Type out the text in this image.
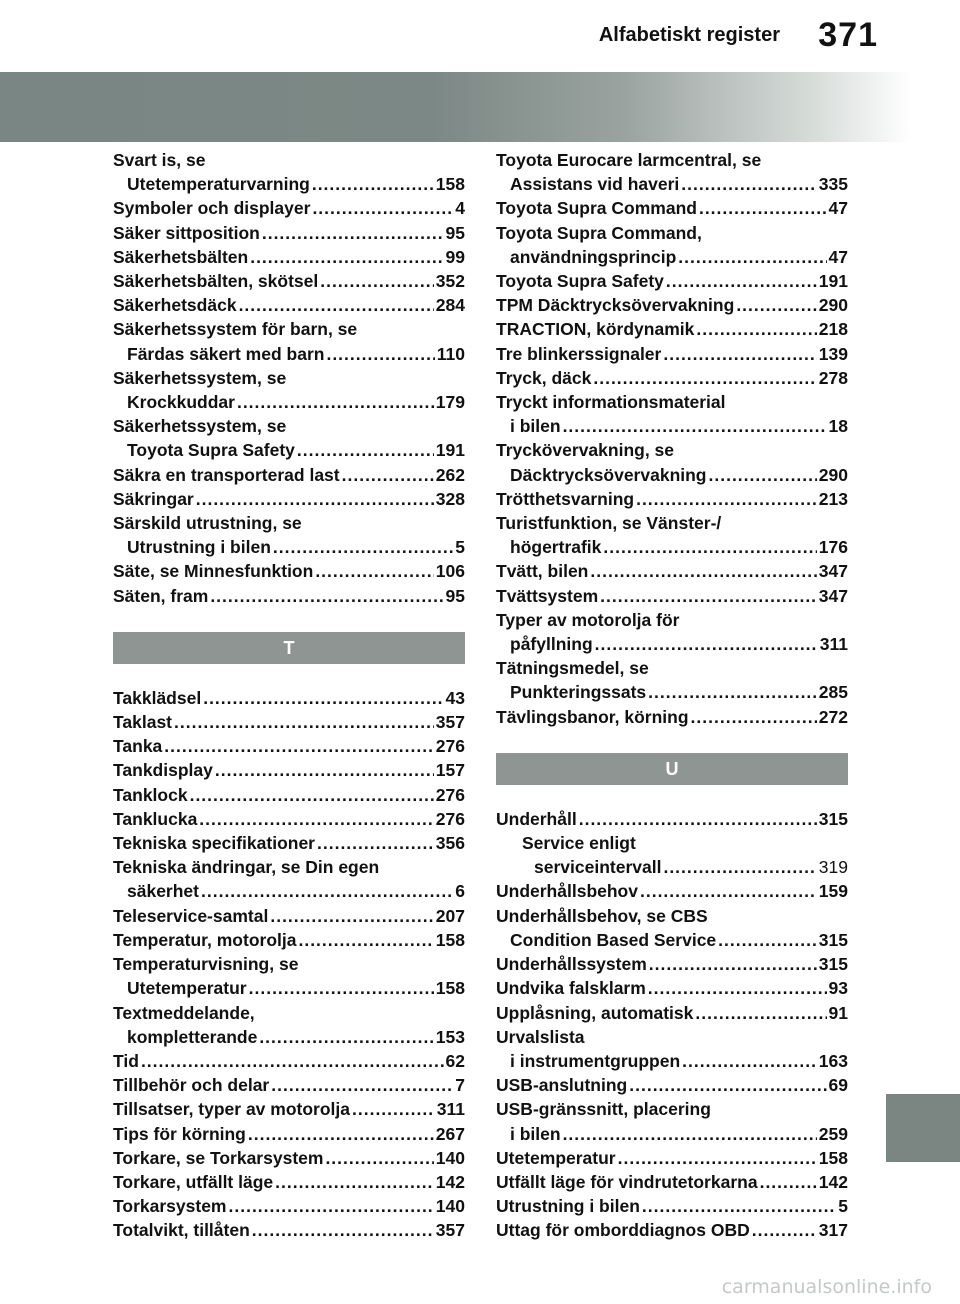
Alfabetiskt register 371
Svart is, se
Utetemperaturvarning .....	158
Symboler och displayer .....	4
Säker sittposition .....	95
Säkerhetsbälten .....	99
Säkerhetsbälten, skötsel .....	352
Säkerhetsdäck .....	284
Säkerhetssystem för barn, se
Färdas säkert med barn .....	110
Säkerhetssystem, se
Krockkuddar .....	179
Säkerhetssystem, se
Toyota Supra Safety .....	191
Säkra en transporterad last .....	262
Säkringar .....	328
Särskild utrustning, se
Utrustning i bilen .....	5
Säte, se Minnesfunktion .....	106
Säten, fram .....	95
T
Takklädsel .....	43
Taklast .....	357
Tanka .....	276
Tankdisplay .....	157
Tanklock .....	276
Tanklucka .....	276
Tekniska specifikationer .....	356
Tekniska ändringar, se Din egen
säkerhet .....	6
Teleservice-samtal .....	207
Temperatur, motorolja .....	158
Temperaturvisning, se
Utetemperatur .....	158
Textmeddelande,
kompletterande .....	153
Tid .....	62
Tillbehör och delar .....	7
Tillsatser, typer av motorolja .....	311
Tips för körning .....	267
Torkare, se Torkarsystem .....	140
Torkare, utfällt läge .....	142
Torkarsystem .....	140
Totalvikt, tillåten .....	357
Toyota Eurocare larmcentral, se
Assistans vid haveri .....	335
Toyota Supra Command .....	47
Toyota Supra Command,
användningsprincip .....	47
Toyota Supra Safety .....	191
TPM Däcktrycksövervakning .....	290
TRACTION, kördynamik .....	218
Tre blinkerssignaler .....	139
Tryck, däck .....	278
Tryckt informationsmaterial
i bilen .....	18
Tryckövervakning, se
Däcktrycksövervakning .....	290
Trötthetsvarning .....	213
Turistfunktion, se Vänster-/
högertrafik .....	176
Tvätt, bilen .....	347
Tvättsystem .....	347
Typer av motorolja för
påfyllning .....	311
Tätningsmedel, se
Punkteringssats .....	285
Tävlingsbanor, körning .....	272
U
Underhåll .....	315
Service enligt
serviceintervall .....	319
Underhållsbehov .....	159
Underhållsbehov, se CBS
Condition Based Service .....	315
Underhållssystem .....	315
Undvika falsklarm .....	93
Upplåsning, automatisk .....	91
Urvalslista
i instrumentgruppen .....	163
USB-anslutning .....	69
USB-gränssnitt, placering
i bilen .....	259
Utetemperatur .....	158
Utfällt läge för vindrutetorkarna .....	142
Utrustning i bilen .....	5
Uttag för omborddiagnos OBD .....	317
carmanualsonline.info
